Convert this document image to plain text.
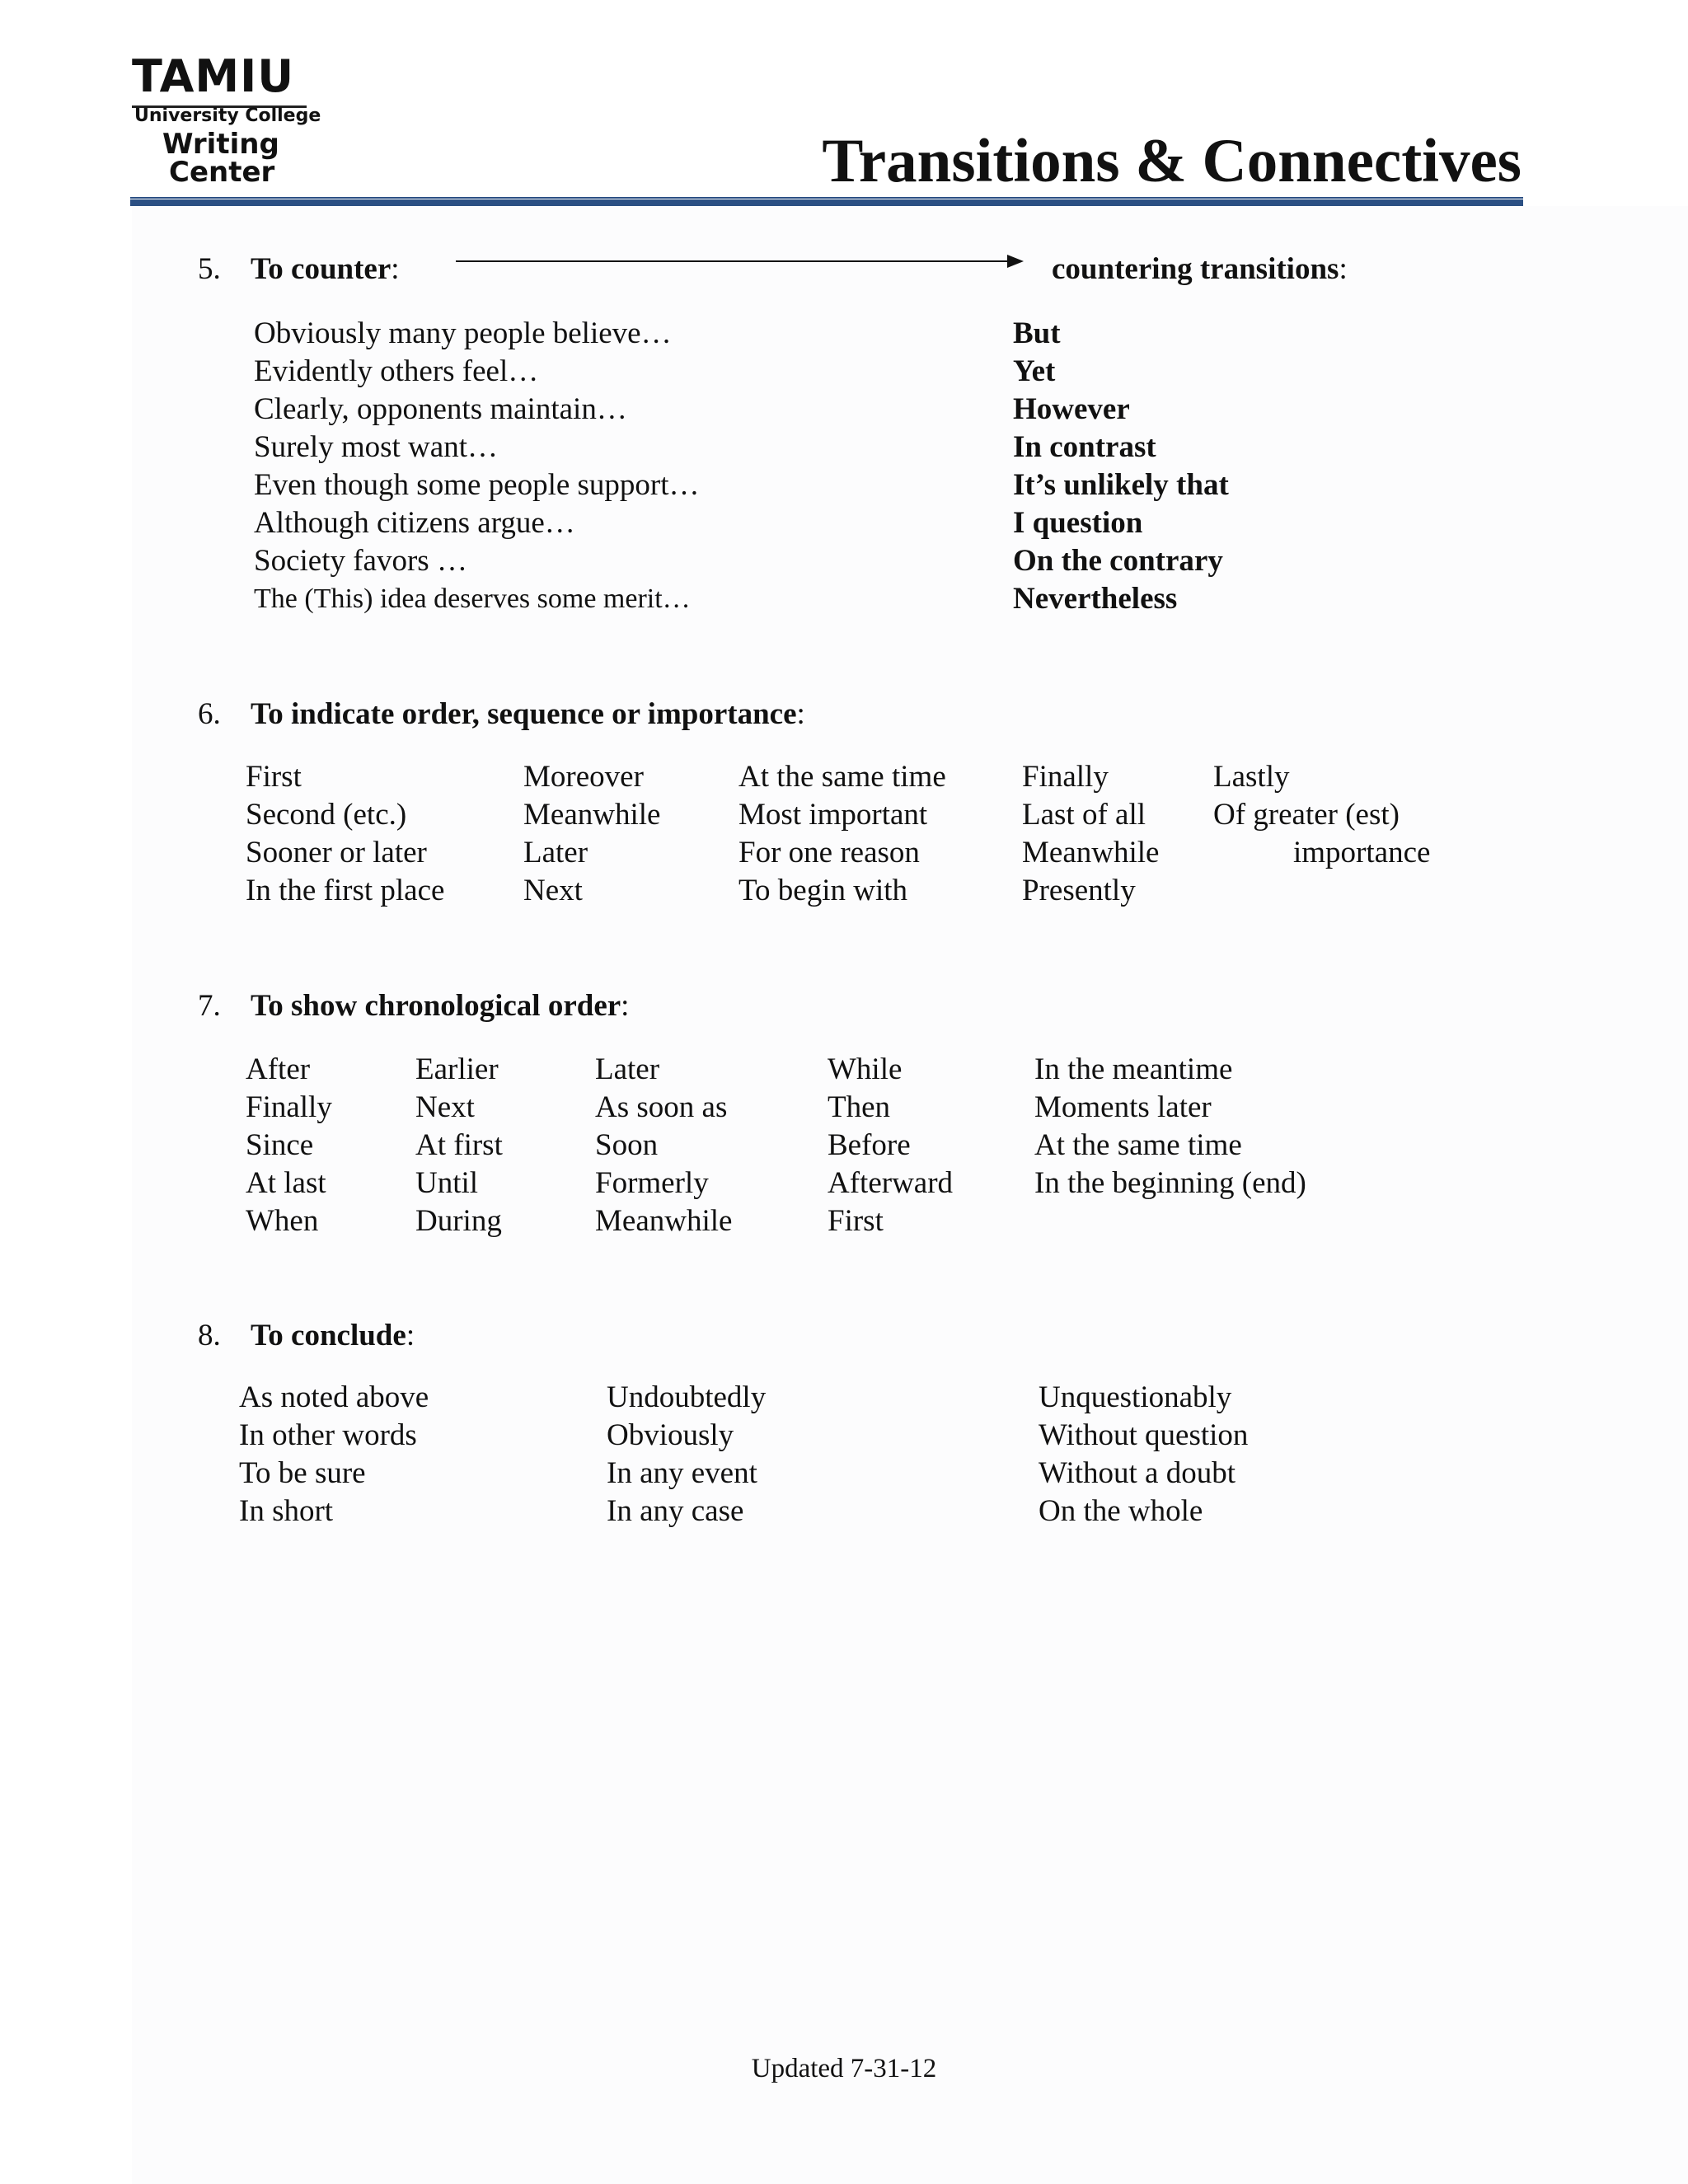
TAMIU
University College
Writing
Center	Transitions & Connectives
5. To counter:	countering transitions:
Obviously many people believe…
Evidently others feel…
Clearly, opponents maintain…
Surely most want…
Even though some people support…
Although citizens argue…
Society favors …
The (This) idea deserves some merit…
But
Yet
However
In contrast
It’s unlikely that
I question
On the contrary
Nevertheless
6. To indicate order, sequence or importance:
First
Second (etc.)
Sooner or later
In the first place
Moreover
Meanwhile
Later
Next
At the same time
Most important
For one reason
To begin with
Finally
Last of all
Meanwhile
Presently
Lastly
Of greater (est)
importance
7. To show chronological order:
After
Finally
Since
At last
When
Earlier
Next
At first
Until
During
Later
As soon as
Soon
Formerly
Meanwhile
While
Then
Before
Afterward
First
In the meantime
Moments later
At the same time
In the beginning (end)
8. To conclude:
As noted above
In other words
To be sure
In short
Undoubtedly
Obviously
In any event
In any case
Unquestionably
Without question
Without a doubt
On the whole
Updated 7-31-12
